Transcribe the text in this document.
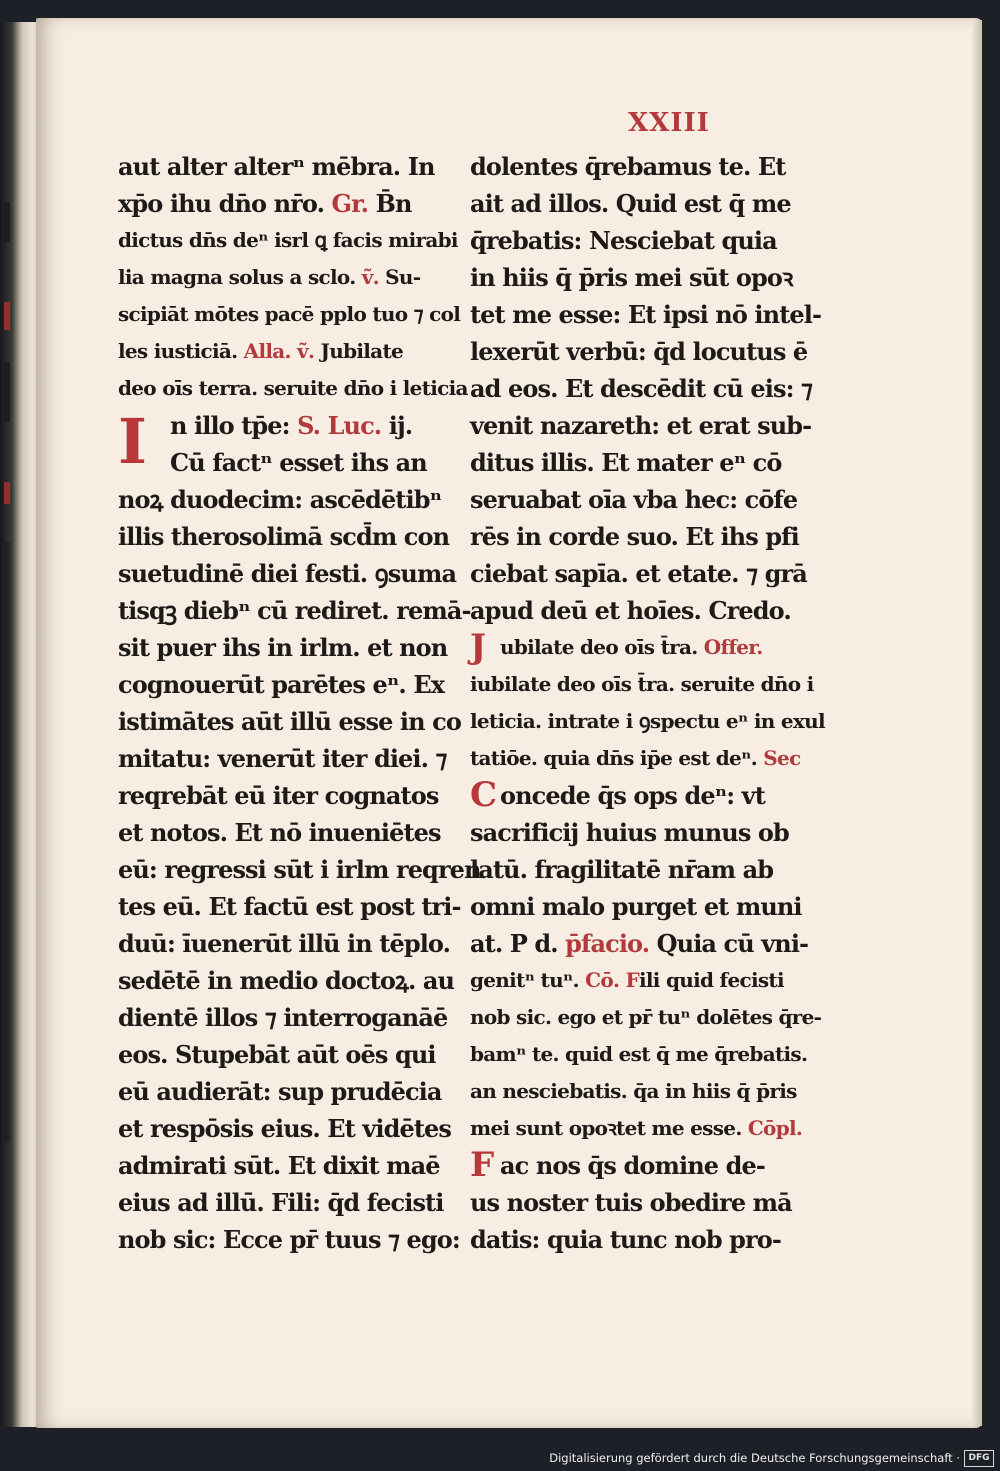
XXIII
aut alter alterⁿ mēbra. In
xp̄o ihu dn̄o nr̄o. Gr. B̄n
dictus dn̄s deⁿ isrl ꝗ facis mirabi
lia magna solus a sclo. ṽ. Su-
scipiāt mōtes pacē pplo tuo ⁊ col
les iusticiā. Alla. ṽ. Jubilate
deo oīs terra. seruite dn̄o i leticia
In illo tp̄e: S. Luc. ij.
Cū factⁿ esset ihs an
noꝝ duodecim: ascēdētibⁿ
illis therosolimā scd̄m con
suetudinē diei festi. ꝯsuma
tisqꝫ diebⁿ cū rediret. remā-
sit puer ihs in irlm. et non
cognouerūt parētes eⁿ. Ex
istimātes aūt illū esse in co
mitatu: venerūt iter diei. ⁊
reqrebāt eū iter cognatos
et notos. Et nō inueniētes
eū: regressi sūt i irlm reqren
tes eū. Et factū est post tri-
duū: īuenerūt illū in tēplo.
sedētē in medio doctoꝝ. au
dientē illos ⁊ interroganāē
eos. Stupebāt aūt oēs qui
eū audierāt: sup prudēcia
et respōsis eius. Et vidētes
admirati sūt. Et dixit maē
eius ad illū. Fili: q̄d fecisti
nob sic: Ecce pr̄ tuus ⁊ ego:
dolentes q̄rebamus te. Et
ait ad illos. Quid est q̄ me
q̄rebatis: Nesciebat quia
in hiis q̄ p̄ris mei sūt opoꝛ
tet me esse: Et ipsi nō intel-
lexerūt verbū: q̄d locutus ē
ad eos. Et descēdit cū eis: ⁊
venit nazareth: et erat sub-
ditus illis. Et mater eⁿ cō
seruabat oīa vba hec: cōfe
rēs in corde suo. Et ihs pfi
ciebat sapīa. et etate. ⁊ grā
apud deū et hoīes. Credo.
Jubilate deo oīs t̄ra. Offer.
iubilate deo oīs t̄ra. seruite dn̄o i
leticia. intrate i ꝯspectu eⁿ in exul
tatiōe. quia dn̄s ip̄e est deⁿ. Sec
C oncede q̄s ops deⁿ: vt
sacrificij huius munus ob
latū. fragilitatē nr̄am ab
omni malo purget et muni
at. P d. p̄facio. Quia cū vni-
genitⁿ tuⁿ. Cō. Fili quid fecisti
nob sic. ego et pr̄ tuⁿ dolētes q̄re-
bamⁿ te. quid est q̄ me q̄rebatis.
an nesciebatis. q̄a in hiis q̄ p̄ris
mei sunt opoꝛtet me esse. Cōpl.
F ac nos q̄s domine de-
us noster tuis obedire mā
datis: quia tunc nob pro-
Digitalisierung gefördert durch die Deutsche Forschungsgemeinschaft · DFG
